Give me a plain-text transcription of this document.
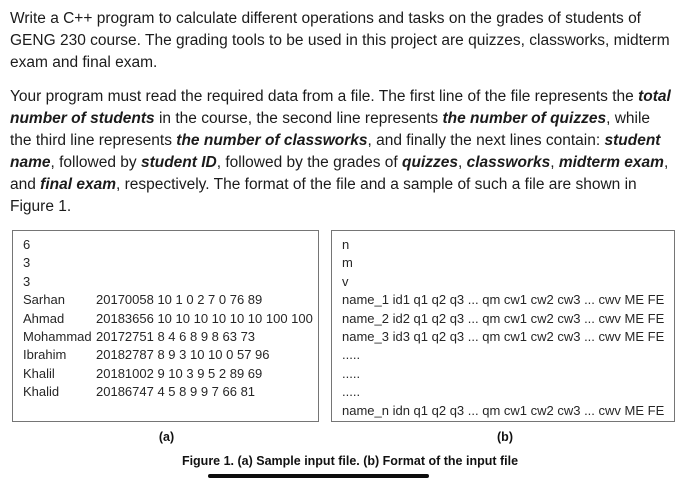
Write a C++ program to calculate different operations and tasks on the grades of students of GENG 230 course. The grading tools to be used in this project are quizzes, classworks, midterm exam and final exam.

Your program must read the required data from a file. The first line of the file represents the total number of students in the course, the second line represents the number of quizzes, while the third line represents the number of classworks, and finally the next lines contain: student name, followed by student ID, followed by the grades of quizzes, classworks, midterm exam, and final exam, respectively. The format of the file and a sample of such a file are shown in Figure 1.

6
3
3
Sarhan	20170058 10 1 0 2 7 0 76 89
Ahmad	20183656 10 10 10 10 10 10 100 100
Mohammad 20172751 8 4 6 8 9 8 63 73
Ibrahim	20182787 8 9 3 10 10 0 57 96
Khalil	20181002 9 10 3 9 5 2 89 69
Khalid	20186747 4 5 8 9 9 7 66 81
n
m
v
name_1 id1 q1 q2 q3 ... qm cw1 cw2 cw3 ... cwv ME FE
name_2 id2 q1 q2 q3 ... qm cw1 cw2 cw3 ... cwv ME FE
name_3 id3 q1 q2 q3 ... qm cw1 cw2 cw3 ... cwv ME FE
.....
.....
.....
name_n idn q1 q2 q3 ... qm cw1 cw2 cw3 ... cwv ME FE
(a)	(b)
Figure 1. (a) Sample input file. (b) Format of the input file
